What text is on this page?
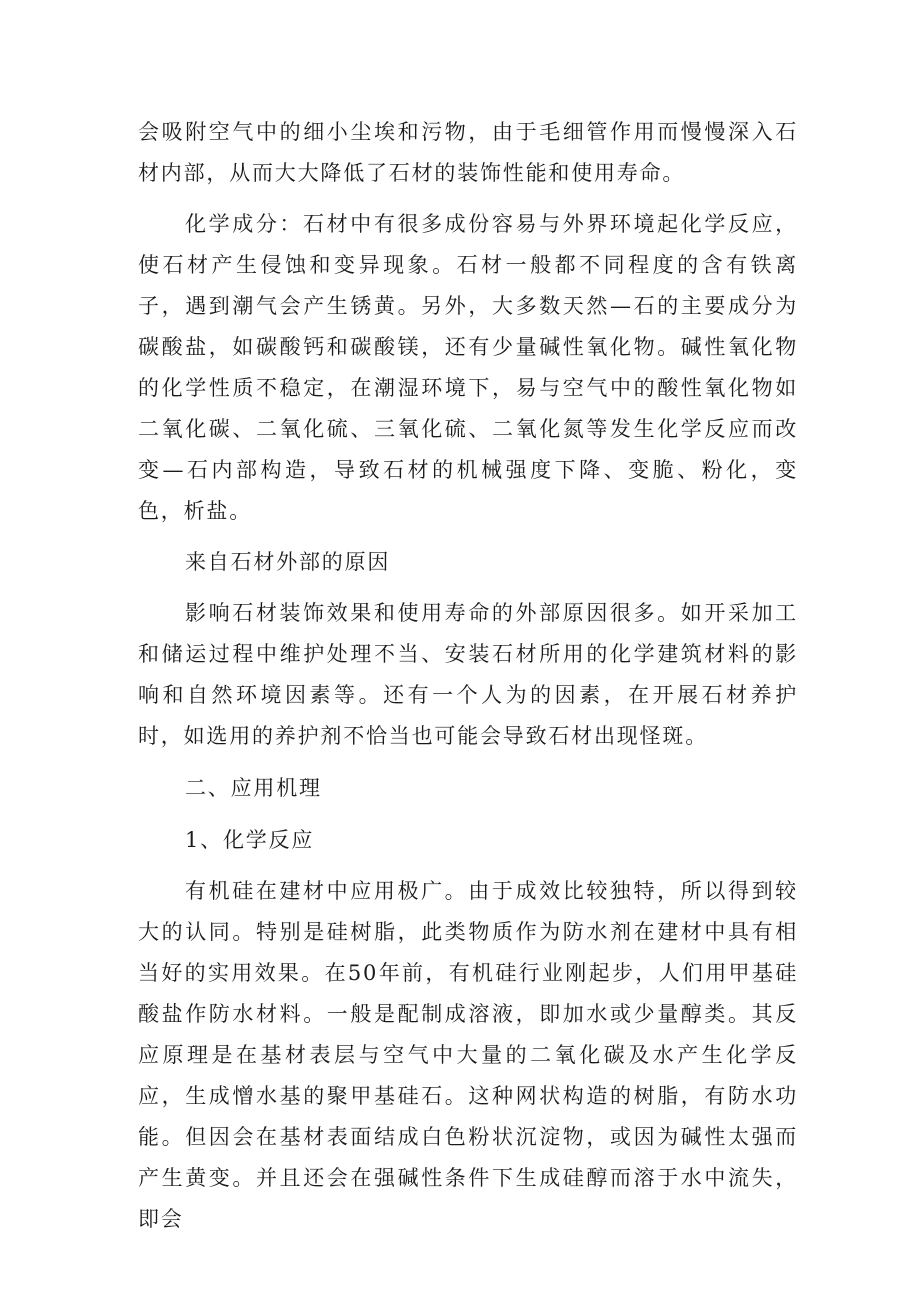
会吸附空气中的细小尘埃和污物，由于毛细管作用而慢慢深入石材内部，从而大大降低了石材的装饰性能和使用寿命。

化学成分：石材中有很多成份容易与外界环境起化学反应，使石材产生侵蚀和变异现象。石材一般都不同程度的含有铁离子，遇到潮气会产生锈黄。另外，大多数天然—石的主要成分为碳酸盐，如碳酸钙和碳酸镁，还有少量碱性氧化物。碱性氧化物的化学性质不稳定，在潮湿环境下，易与空气中的酸性氧化物如二氧化碳、二氧化硫、三氧化硫、二氧化氮等发生化学反应而改变—石内部构造，导致石材的机械强度下降、变脆、粉化，变色，析盐。

来自石材外部的原因

影响石材装饰效果和使用寿命的外部原因很多。如开采加工和储运过程中维护处理不当、安装石材所用的化学建筑材料的影响和自然环境因素等。还有一个人为的因素，在开展石材养护时，如选用的养护剂不恰当也可能会导致石材出现怪斑。

二、应用机理

1、化学反应

有机硅在建材中应用极广。由于成效比较独特，所以得到较大的认同。特别是硅树脂，此类物质作为防水剂在建材中具有相当好的实用效果。在50年前，有机硅行业刚起步，人们用甲基硅酸盐作防水材料。一般是配制成溶液，即加水或少量醇类。其反应原理是在基材表层与空气中大量的二氧化碳及水产生化学反应，生成憎水基的聚甲基硅石。这种网状构造的树脂，有防水功能。但因会在基材表面结成白色粉状沉淀物，或因为碱性太强而产生黄变。并且还会在强碱性条件下生成硅醇而溶于水中流失，即会
